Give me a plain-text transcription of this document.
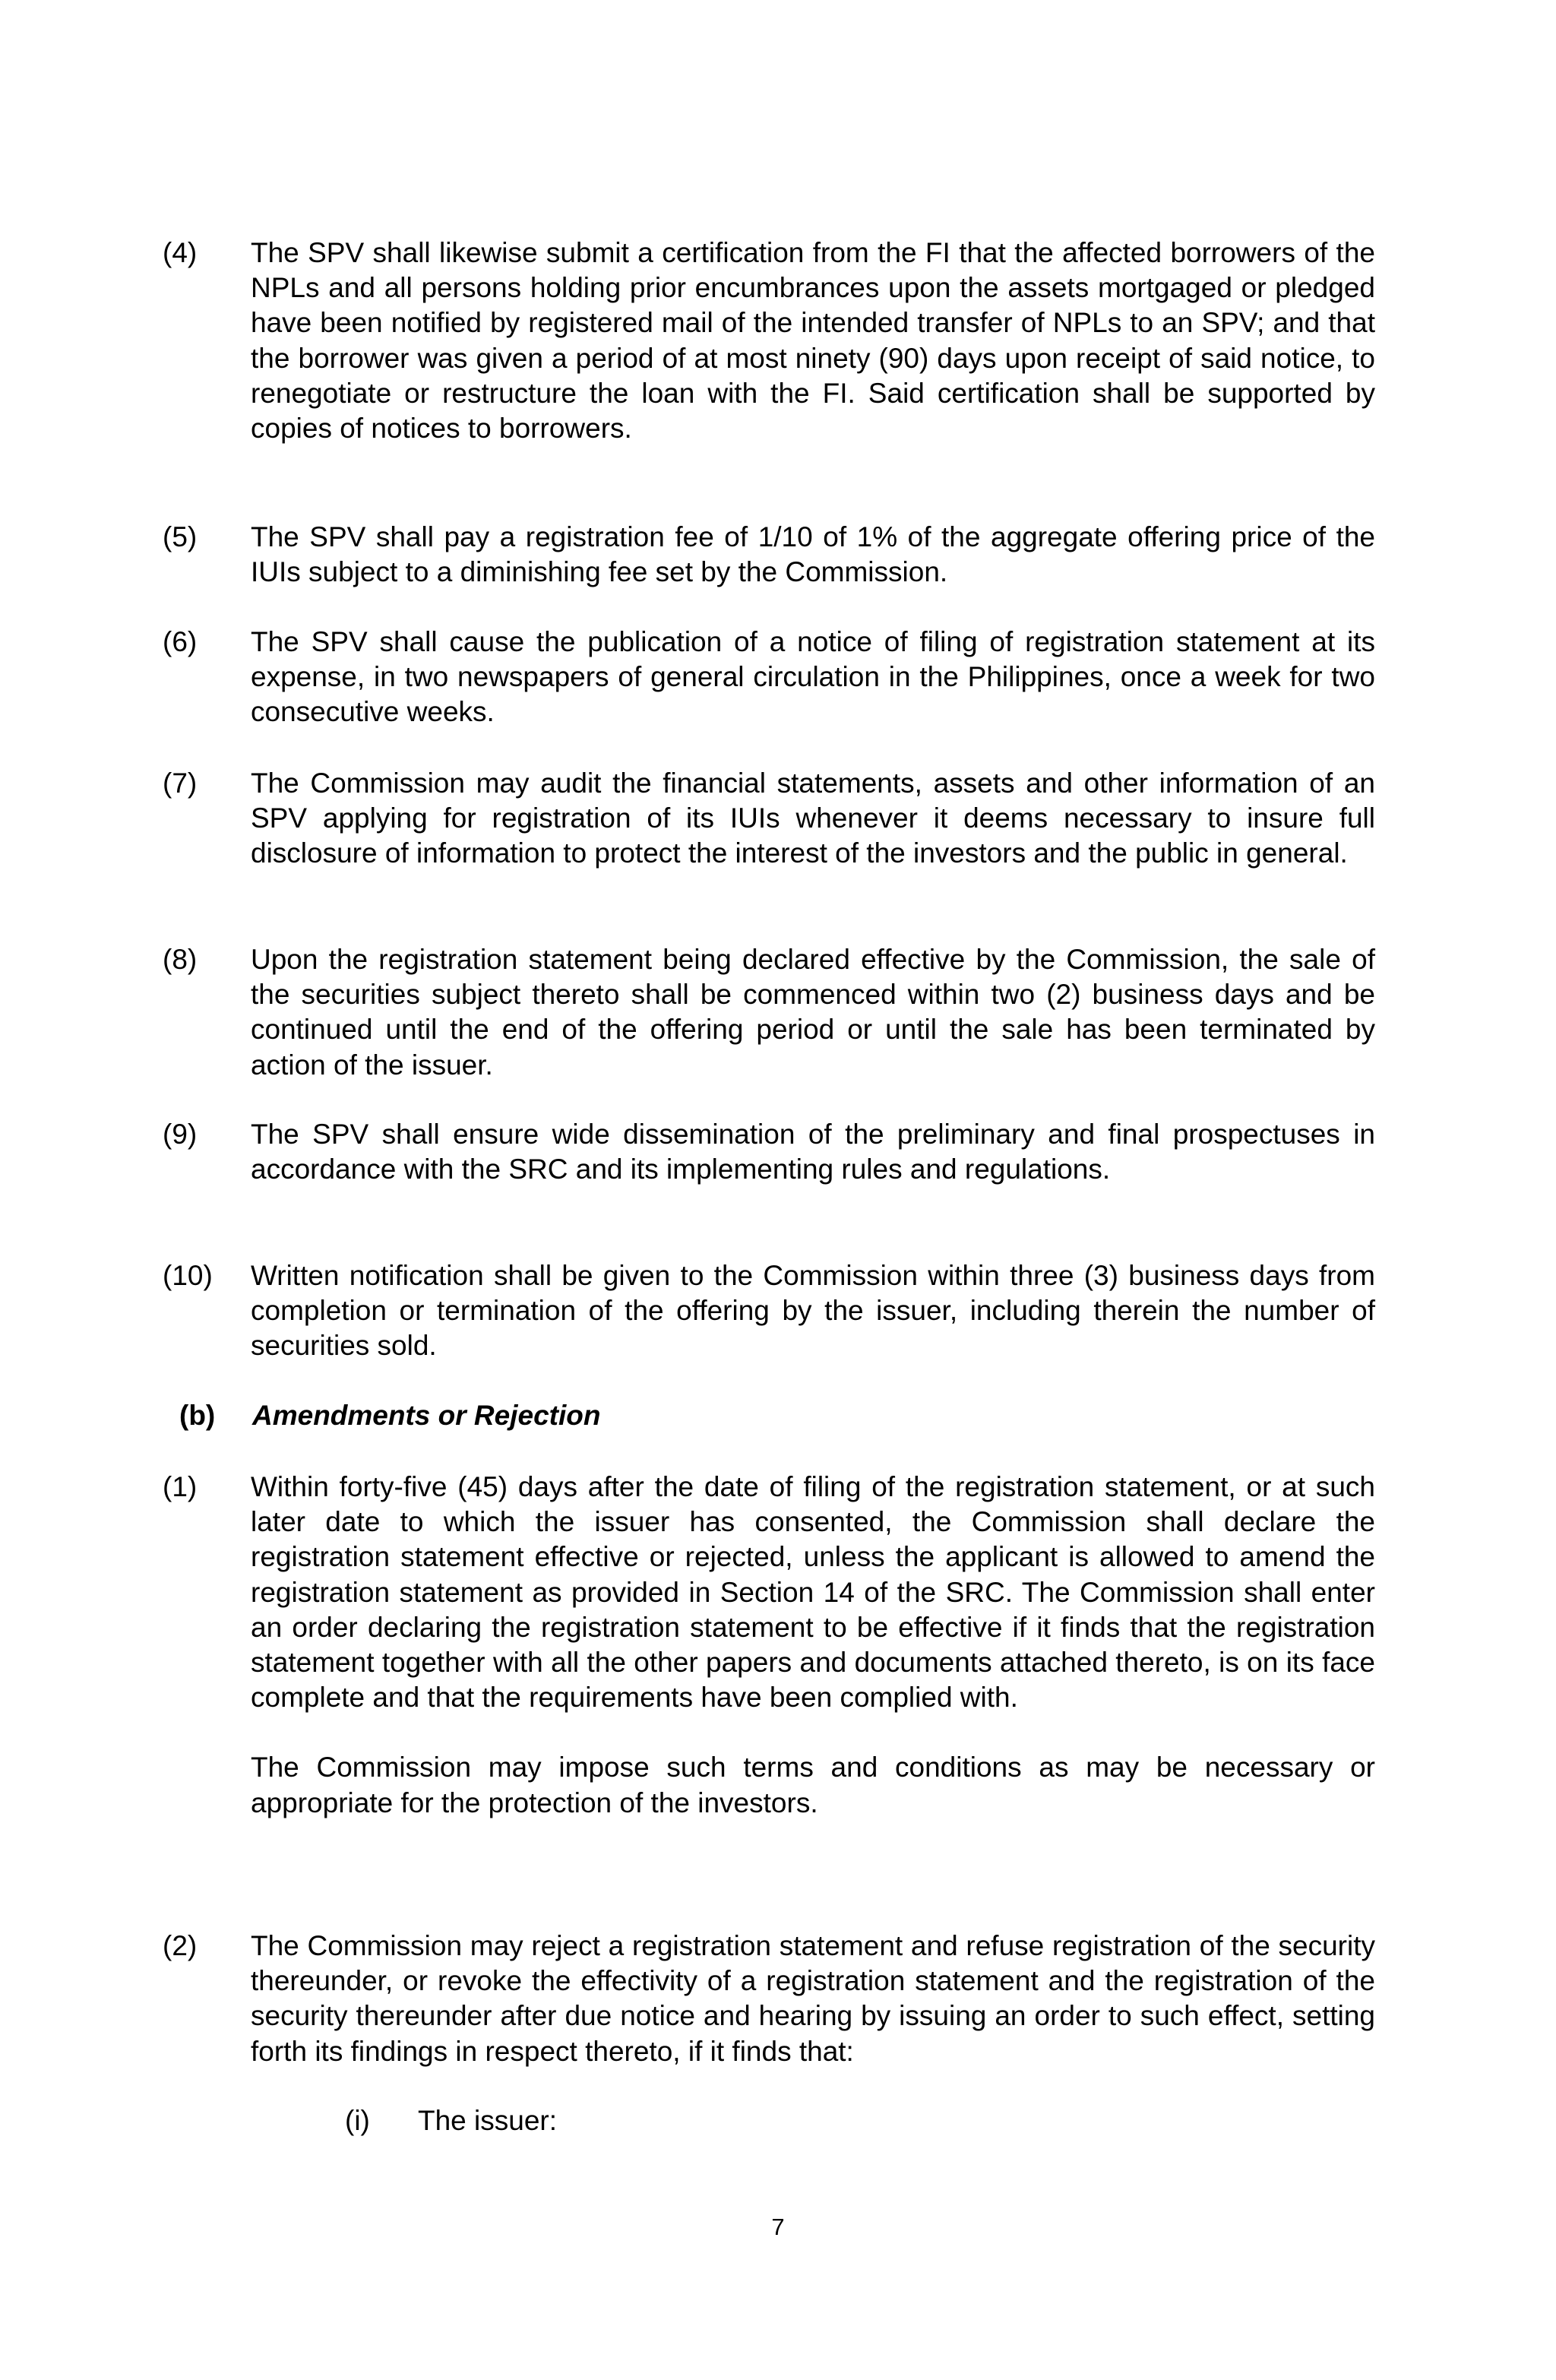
(4)	The SPV shall likewise submit a certification from the FI that the affected borrowers of the NPLs and all persons holding prior encumbrances upon the assets mortgaged or pledged have been notified by registered mail of the intended transfer of NPLs to an SPV; and that the borrower was given a period of at most ninety (90) days upon receipt of said notice, to renegotiate or restructure the loan with the FI. Said certification shall be supported by copies of notices to borrowers.
(5)	The SPV shall pay a registration fee of 1/10 of 1% of the aggregate offering price of the IUIs subject to a diminishing fee set by the Commission.
(6)	The SPV shall cause the publication of a notice of filing of registration statement at its expense, in two newspapers of general circulation in the Philippines, once a week for two consecutive weeks.
(7)	The Commission may audit the financial statements, assets and other information of an SPV applying for registration of its IUIs whenever it deems necessary to insure full disclosure of information to protect the interest of the investors and the public in general.
(8)	Upon the registration statement being declared effective by the Commission, the sale of the securities subject thereto shall be commenced within two (2) business days and be continued until the end of the offering period or until the sale has been terminated by action of the issuer.
(9)	The SPV shall ensure wide dissemination of the preliminary and final prospectuses in accordance with the SRC and its implementing rules and regulations.
(10)	Written notification shall be given to the Commission within three (3) business days from completion or termination of the offering by the issuer, including therein the number of securities sold.
(b)	Amendments or Rejection
(1)	Within forty-five (45) days after the date of filing of the registration statement, or at such later date to which the issuer has consented, the Commission shall declare the registration statement effective or rejected, unless the applicant is allowed to amend the registration statement as provided in Section 14 of the SRC. The Commission shall enter an order declaring the registration statement to be effective if it finds that the registration statement together with all the other papers and documents attached thereto, is on its face complete and that the requirements have been complied with.
The Commission may impose such terms and conditions as may be necessary or appropriate for the protection of the investors.
(2)	The Commission may reject a registration statement and refuse registration of the security thereunder, or revoke the effectivity of a registration statement and the registration of the security thereunder after due notice and hearing by issuing an order to such effect, setting forth its findings in respect thereto, if it finds that:
(i) The issuer:
7
